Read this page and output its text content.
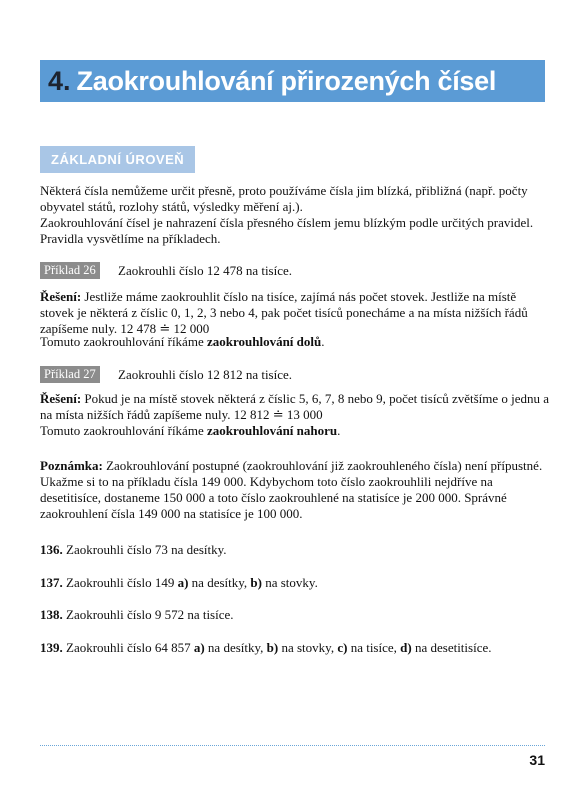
4. Zaokrouhlování přirozených čísel
ZÁKLADNÍ ÚROVEŇ

Některá čísla nemůžeme určit přesně, proto používáme čísla jim blízká, přibližná (např. počty obyvatel států, rozlohy států, výsledky měření aj.).

Zaokrouhlování čísel je nahrazení čísla přesného číslem jemu blízkým podle určitých pravidel. Pravidla vysvětlíme na příkladech.

Příklad 26	Zaokrouhli číslo 12 478 na tisíce.

Řešení: Jestliže máme zaokrouhlit číslo na tisíce, zajímá nás počet stovek. Jestliže na místě stovek je některá z číslic 0, 1, 2, 3 nebo 4, pak počet tisíců ponecháme a na místa nižších řádů zapíšeme nuly. 12 478 ≐ 12 000

Tomuto zaokrouhlování říkáme zaokrouhlování dolů.

Příklad 27	Zaokrouhli číslo 12 812 na tisíce.

Řešení: Pokud je na místě stovek některá z číslic 5, 6, 7, 8 nebo 9, počet tisíců zvětšíme o jednu a na místa nižších řádů zapíšeme nuly. 12 812 ≐ 13 000

Tomuto zaokrouhlování říkáme zaokrouhlování nahoru.

Poznámka: Zaokrouhlování postupné (zaokrouhlování již zaokrouhleného čísla) není přípustné. Ukažme si to na příkladu čísla 149 000. Kdybychom toto číslo zaokrouhlili nejdříve na desetitisíce, dostaneme 150 000 a toto číslo zaokrouhlené na statisíce je 200 000. Správné zaokrouhlení čísla 149 000 na statisíce je 100 000.

136. Zaokrouhli číslo 73 na desítky.
137. Zaokrouhli číslo 149 a) na desítky, b) na stovky.
138. Zaokrouhli číslo 9 572 na tisíce.
139. Zaokrouhli číslo 64 857 a) na desítky, b) na stovky, c) na tisíce, d) na desetitisíce.
31
